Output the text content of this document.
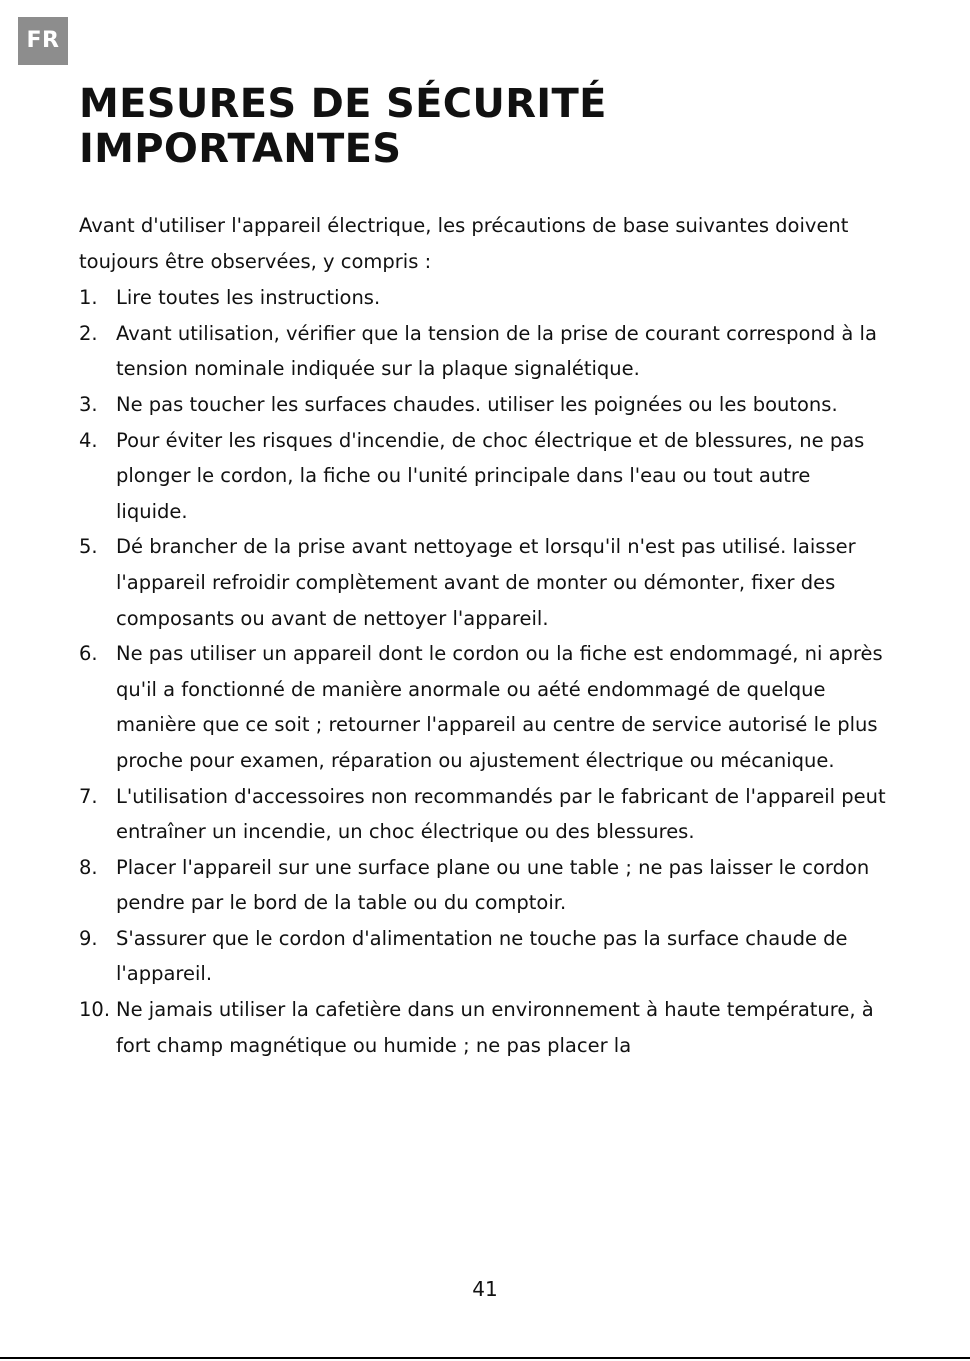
FR
MESURES DE SÉCURITÉ
IMPORTANTES

Avant d'utiliser l'appareil électrique, les précautions de base suivantes doivent toujours être observées, y compris :

1. Lire toutes les instructions.
2. Avant utilisation, vérifier que la tension de la prise de courant correspond à la tension nominale indiquée sur la plaque signalétique.
3. Ne pas toucher les surfaces chaudes. utiliser les poignées ou les boutons.
4. Pour éviter les risques d'incendie, de choc électrique et de blessures, ne pas plonger le cordon, la fiche ou l'unité principale dans l'eau ou tout autre liquide.
5. Dé brancher de la prise avant nettoyage et lorsqu'il n'est pas utilisé. laisser l'appareil refroidir complètement avant de monter ou démonter, fixer des composants ou avant de nettoyer l'appareil.
6. Ne pas utiliser un appareil dont le cordon ou la fiche est endommagé, ni après qu'il a fonctionné de manière anormale ou aété endommagé de quelque manière que ce soit ; retourner l'appareil au centre de service autorisé le plus proche pour examen, réparation ou ajustement électrique ou mécanique.
7. L'utilisation d'accessoires non recommandés par le fabricant de l'appareil peut entraîner un incendie, un choc électrique ou des blessures.
8. Placer l'appareil sur une surface plane ou une table ; ne pas laisser le cordon pendre par le bord de la table ou du comptoir.
9. S'assurer que le cordon d'alimentation ne touche pas la surface chaude de l'appareil.
10. Ne jamais utiliser la cafetière dans un environnement à haute température, à fort champ magnétique ou humide ; ne pas placer la
41
